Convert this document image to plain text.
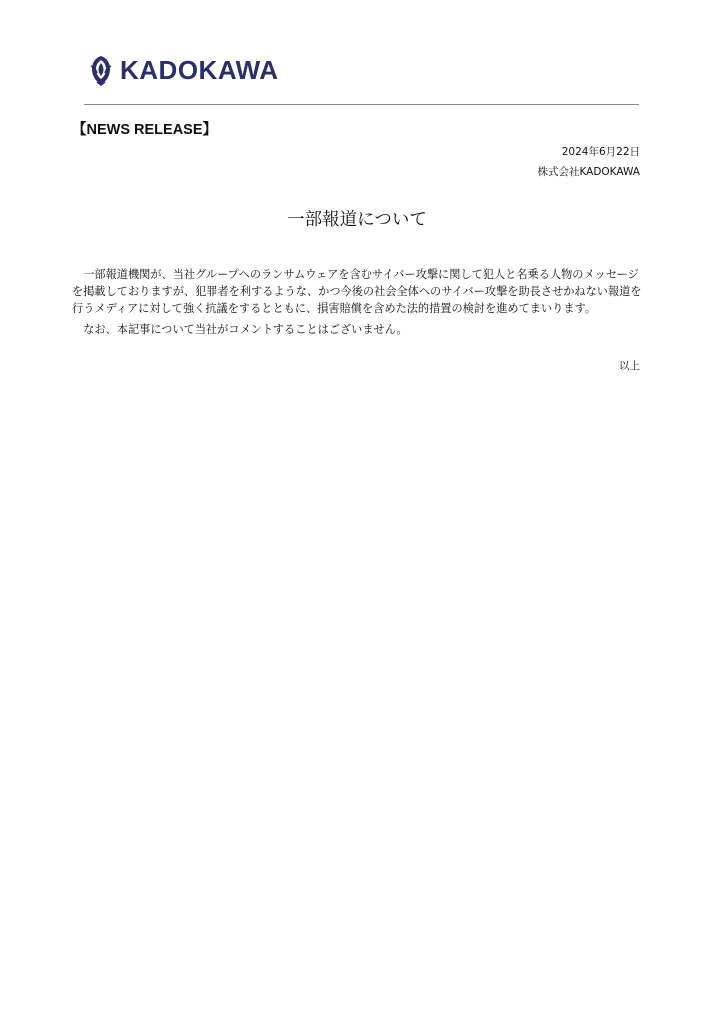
KADOKAWA
【NEWS RELEASE】
2024年6月22日
株式会社KADOKAWA
一部報道について

一部報道機関が、当社グループへのランサムウェアを含むサイバー攻撃に関して犯人と名乗る人物のメッセージを掲載しておりますが、犯罪者を利するような、かつ今後の社会全体へのサイバー攻撃を助長させかねない報道を行うメディアに対して強く抗議をするとともに、損害賠償を含めた法的措置の検討を進めてまいります。

なお、本記事について当社がコメントすることはございません。

以上
